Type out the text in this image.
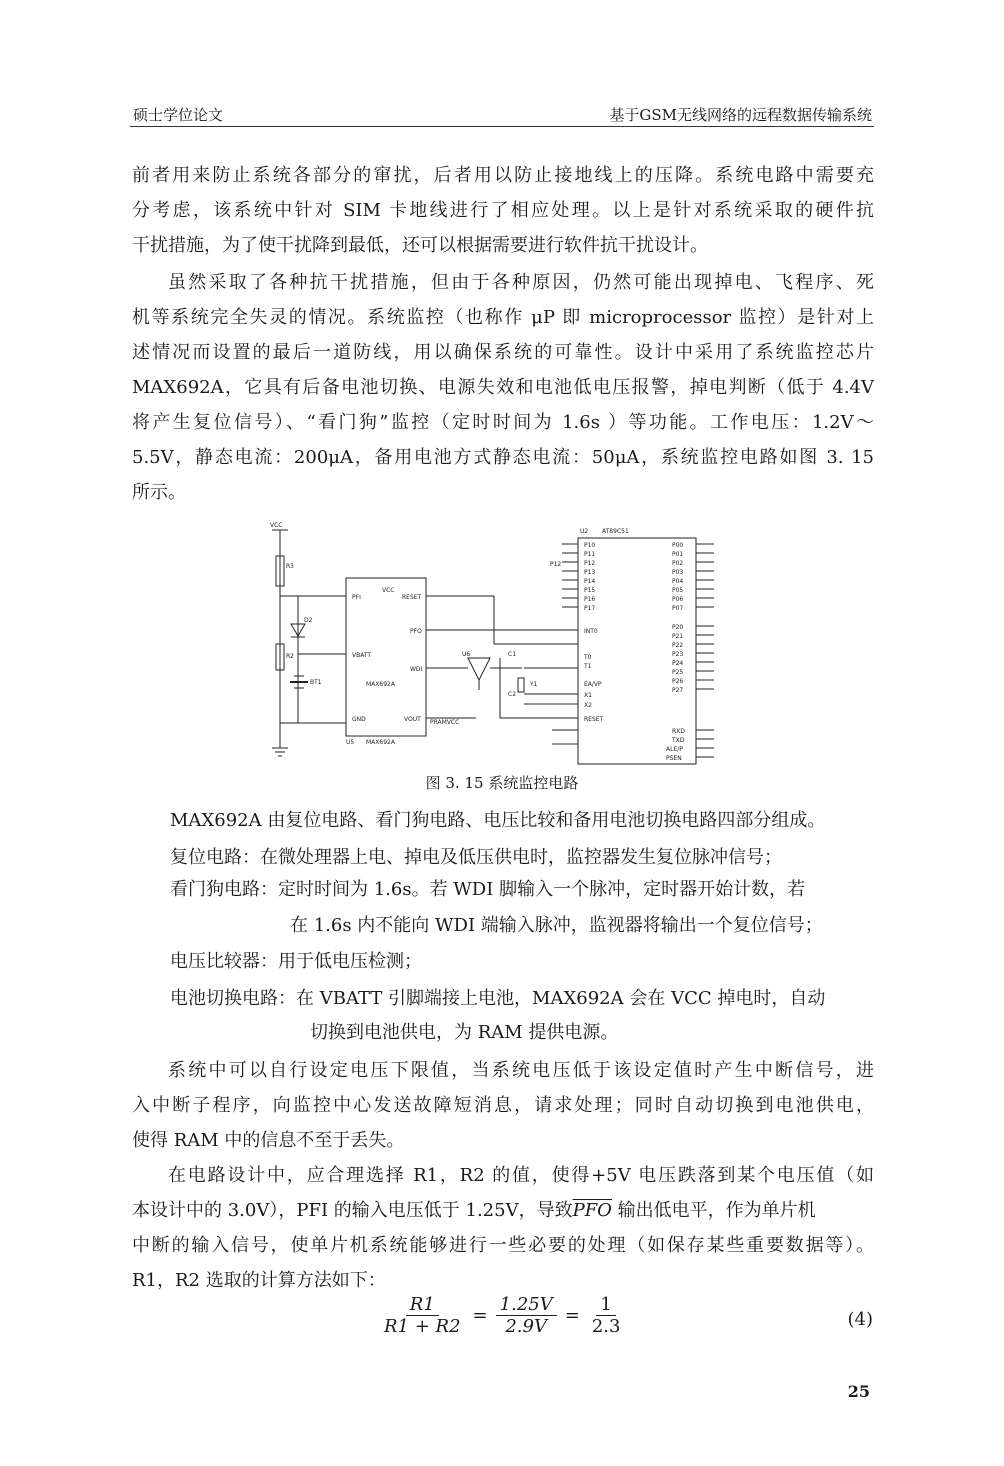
硕士学位论文	基于GSM无线网络的远程数据传输系统
前者用来防止系统各部分的窜扰，后者用以防止接地线上的压降。系统电路中需要充
分考虑，该系统中针对 SIM 卡地线进行了相应处理。以上是针对系统采取的硬件抗
干扰措施，为了使干扰降到最低，还可以根据需要进行软件抗干扰设计。
虽然采取了各种抗干扰措施，但由于各种原因，仍然可能出现掉电、飞程序、死
机等系统完全失灵的情况。系统监控（也称作 μP 即 microprocessor 监控）是针对上
述情况而设置的最后一道防线，用以确保系统的可靠性。设计中采用了系统监控芯片
MAX692A，它具有后备电池切换、电源失效和电池低电压报警，掉电判断（低于 4.4V
将产生复位信号）、“看门狗”监控（定时时间为 1.6s ）等功能。工作电压：1.2V～
5.5V，静态电流：200μA，备用电池方式静态电流：50μA，系统监控电路如图 3. 15
所示。
VCC
R3
R2
D2
BT1
PFI
VCC
RESET
PFO
VBATT
WDI
MAX692A
GND	VOUT
U5 MAX692A
U6
PRAMVCC
C1
C2
Y1
U2 AT89C51
P12
P10
P11
P12
P13
P14
P15
P16
P17
INT0
T0
T1
EA/VP
X1
X2
RESET
P00
P01
P02
P03
P04
P05
P06
P07
P20
P21
P22
P23
P24
P25
P26
P27
RXD
TXD
ALE/P
PSEN
图 3. 15 系统监控电路
MAX692A 由复位电路、看门狗电路、电压比较和备用电池切换电路四部分组成。
复位电路：在微处理器上电、掉电及低压供电时，监控器发生复位脉冲信号；
看门狗电路：定时时间为 1.6s。若 WDI 脚输入一个脉冲，定时器开始计数，若
在 1.6s 内不能向 WDI 端输入脉冲，监视器将输出一个复位信号；
电压比较器：用于低电压检测；
电池切换电路：在 VBATT 引脚端接上电池，MAX692A 会在 VCC 掉电时，自动
切换到电池供电，为 RAM 提供电源。
系统中可以自行设定电压下限值，当系统电压低于该设定值时产生中断信号，进
入中断子程序，向监控中心发送故障短消息，请求处理；同时自动切换到电池供电，
使得 RAM 中的信息不至于丢失。
在电路设计中，应合理选择 R1，R2 的值，使得+5V 电压跌落到某个电压值（如
本设计中的 3.0V），PFI 的输入电压低于 1.25V，导致$\overline{PFO}$ 输出低电平，作为单片机
中断的输入信号，使单片机系统能够进行一些必要的处理（如保存某些重要数据等）。
R1，R2 选取的计算方法如下：
$\frac{R1}{R1 + R2} = \frac{1.25V}{2.9V} = \frac{1}{2.3}$	(4)
25
